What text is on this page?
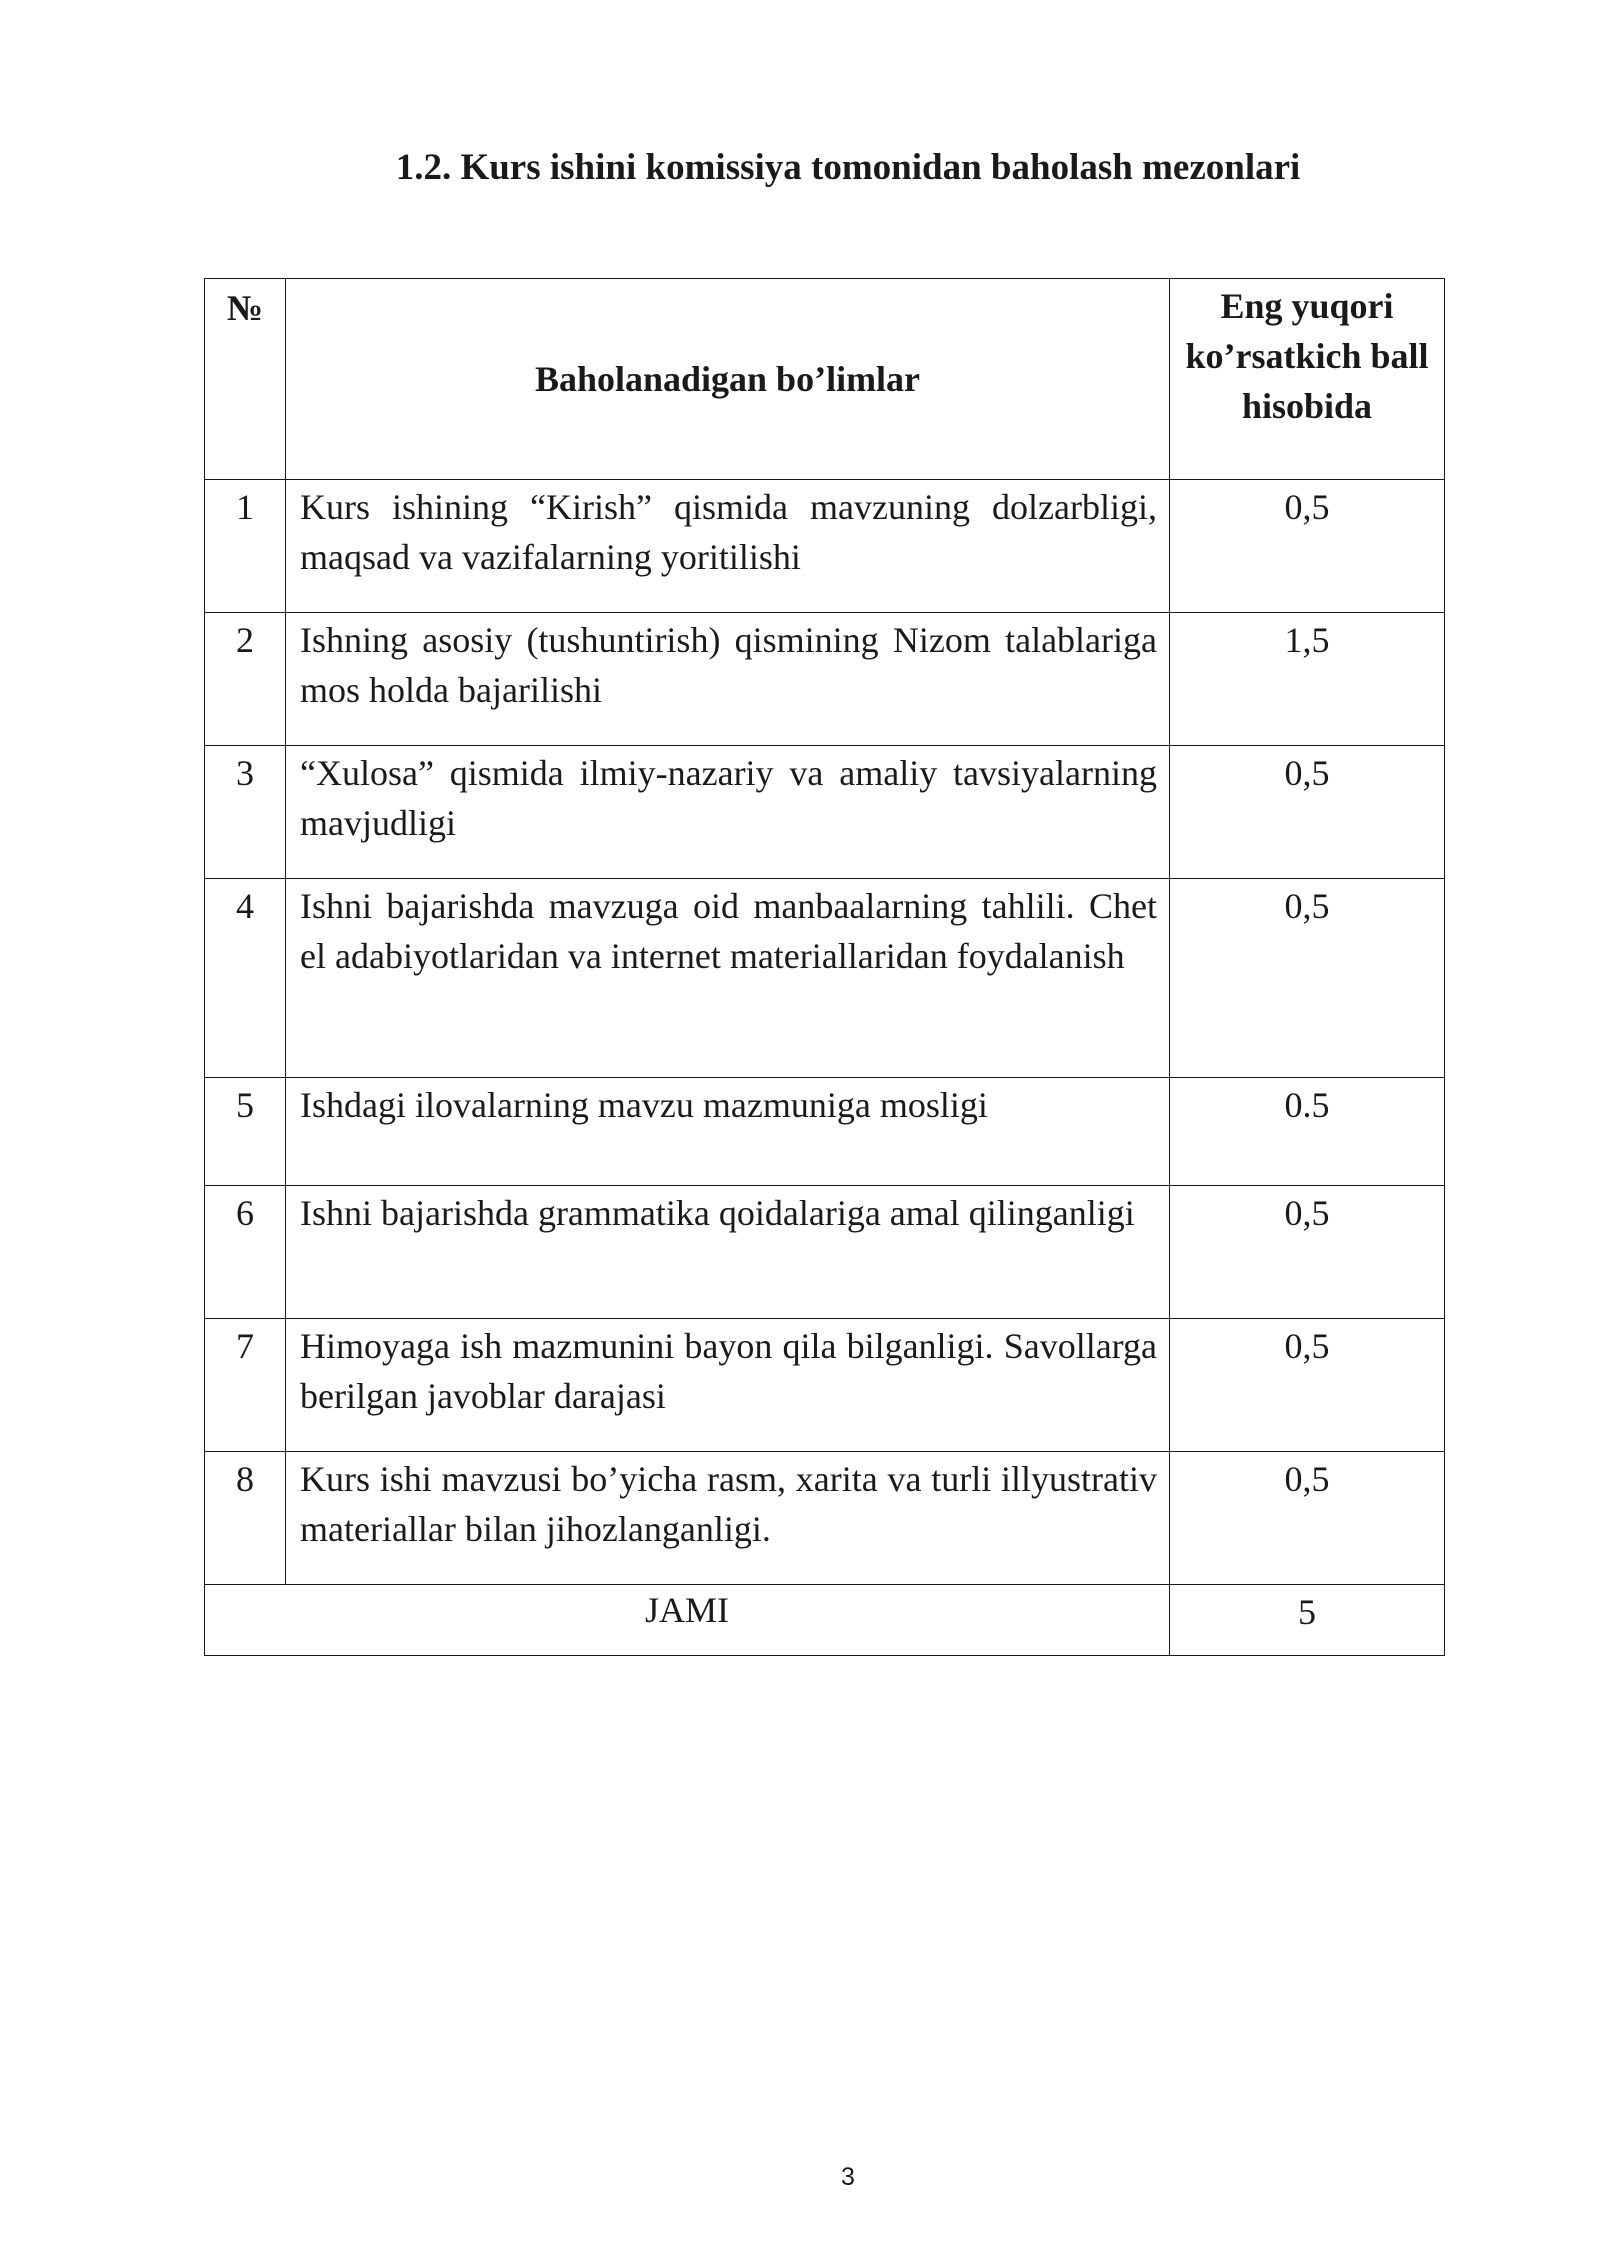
1.2. Kurs ishini komissiya tomonidan baholash mezonlari
№	Baholanadigan bo’limlar	Eng yuqori ko’rsatkich ball hisobida
1	Kurs ishining “Kirish” qismida mavzuning dolzarbligi, maqsad va vazifalarning yoritilishi	0,5
2	Ishning asosiy (tushuntirish) qismining Nizom talablariga mos holda bajarilishi	1,5
3	“Xulosa” qismida ilmiy-nazariy va amaliy tavsiyalarning mavjudligi	0,5
4	Ishni bajarishda mavzuga oid manbaalarning tahlili. Chet el adabiyotlaridan va internet materiallaridan foydalanish	0,5
5	Ishdagi ilovalarning mavzu mazmuniga mosligi	0.5
6	Ishni bajarishda grammatika qoidalariga amal qilinganligi	0,5
7	Himoyaga ish mazmunini bayon qila bilganligi. Savollarga berilgan javoblar darajasi	0,5
8	Kurs ishi mavzusi bo’yicha rasm, xarita va turli illyustrativ materiallar bilan jihozlanganligi.	0,5
JAMI		5
3
